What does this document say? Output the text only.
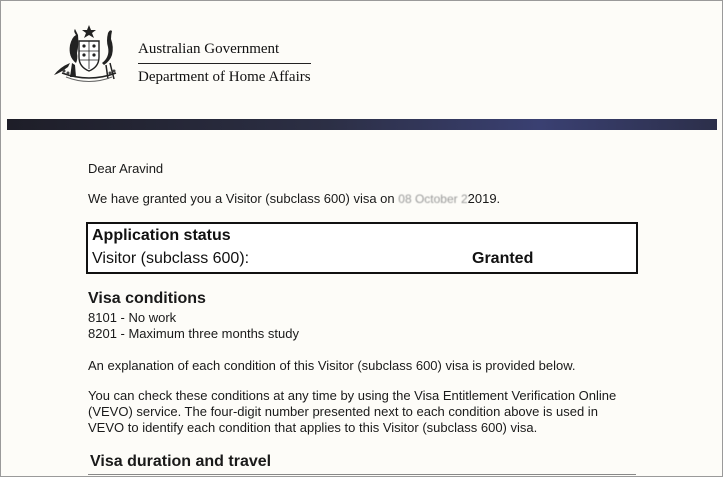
Australian Government
Department of Home Affairs
Dear Aravind
We have granted you a Visitor (subclass 600) visa on 08 October 22019.
Application status
Visitor (subclass 600):	Granted
Visa conditions
8101 - No work
8201 - Maximum three months study
An explanation of each condition of this Visitor (subclass 600) visa is provided below.
You can check these conditions at any time by using the Visa Entitlement Verification Online
(VEVO) service. The four-digit number presented next to each condition above is used in
VEVO to identify each condition that applies to this Visitor (subclass 600) visa.
Visa duration and travel
